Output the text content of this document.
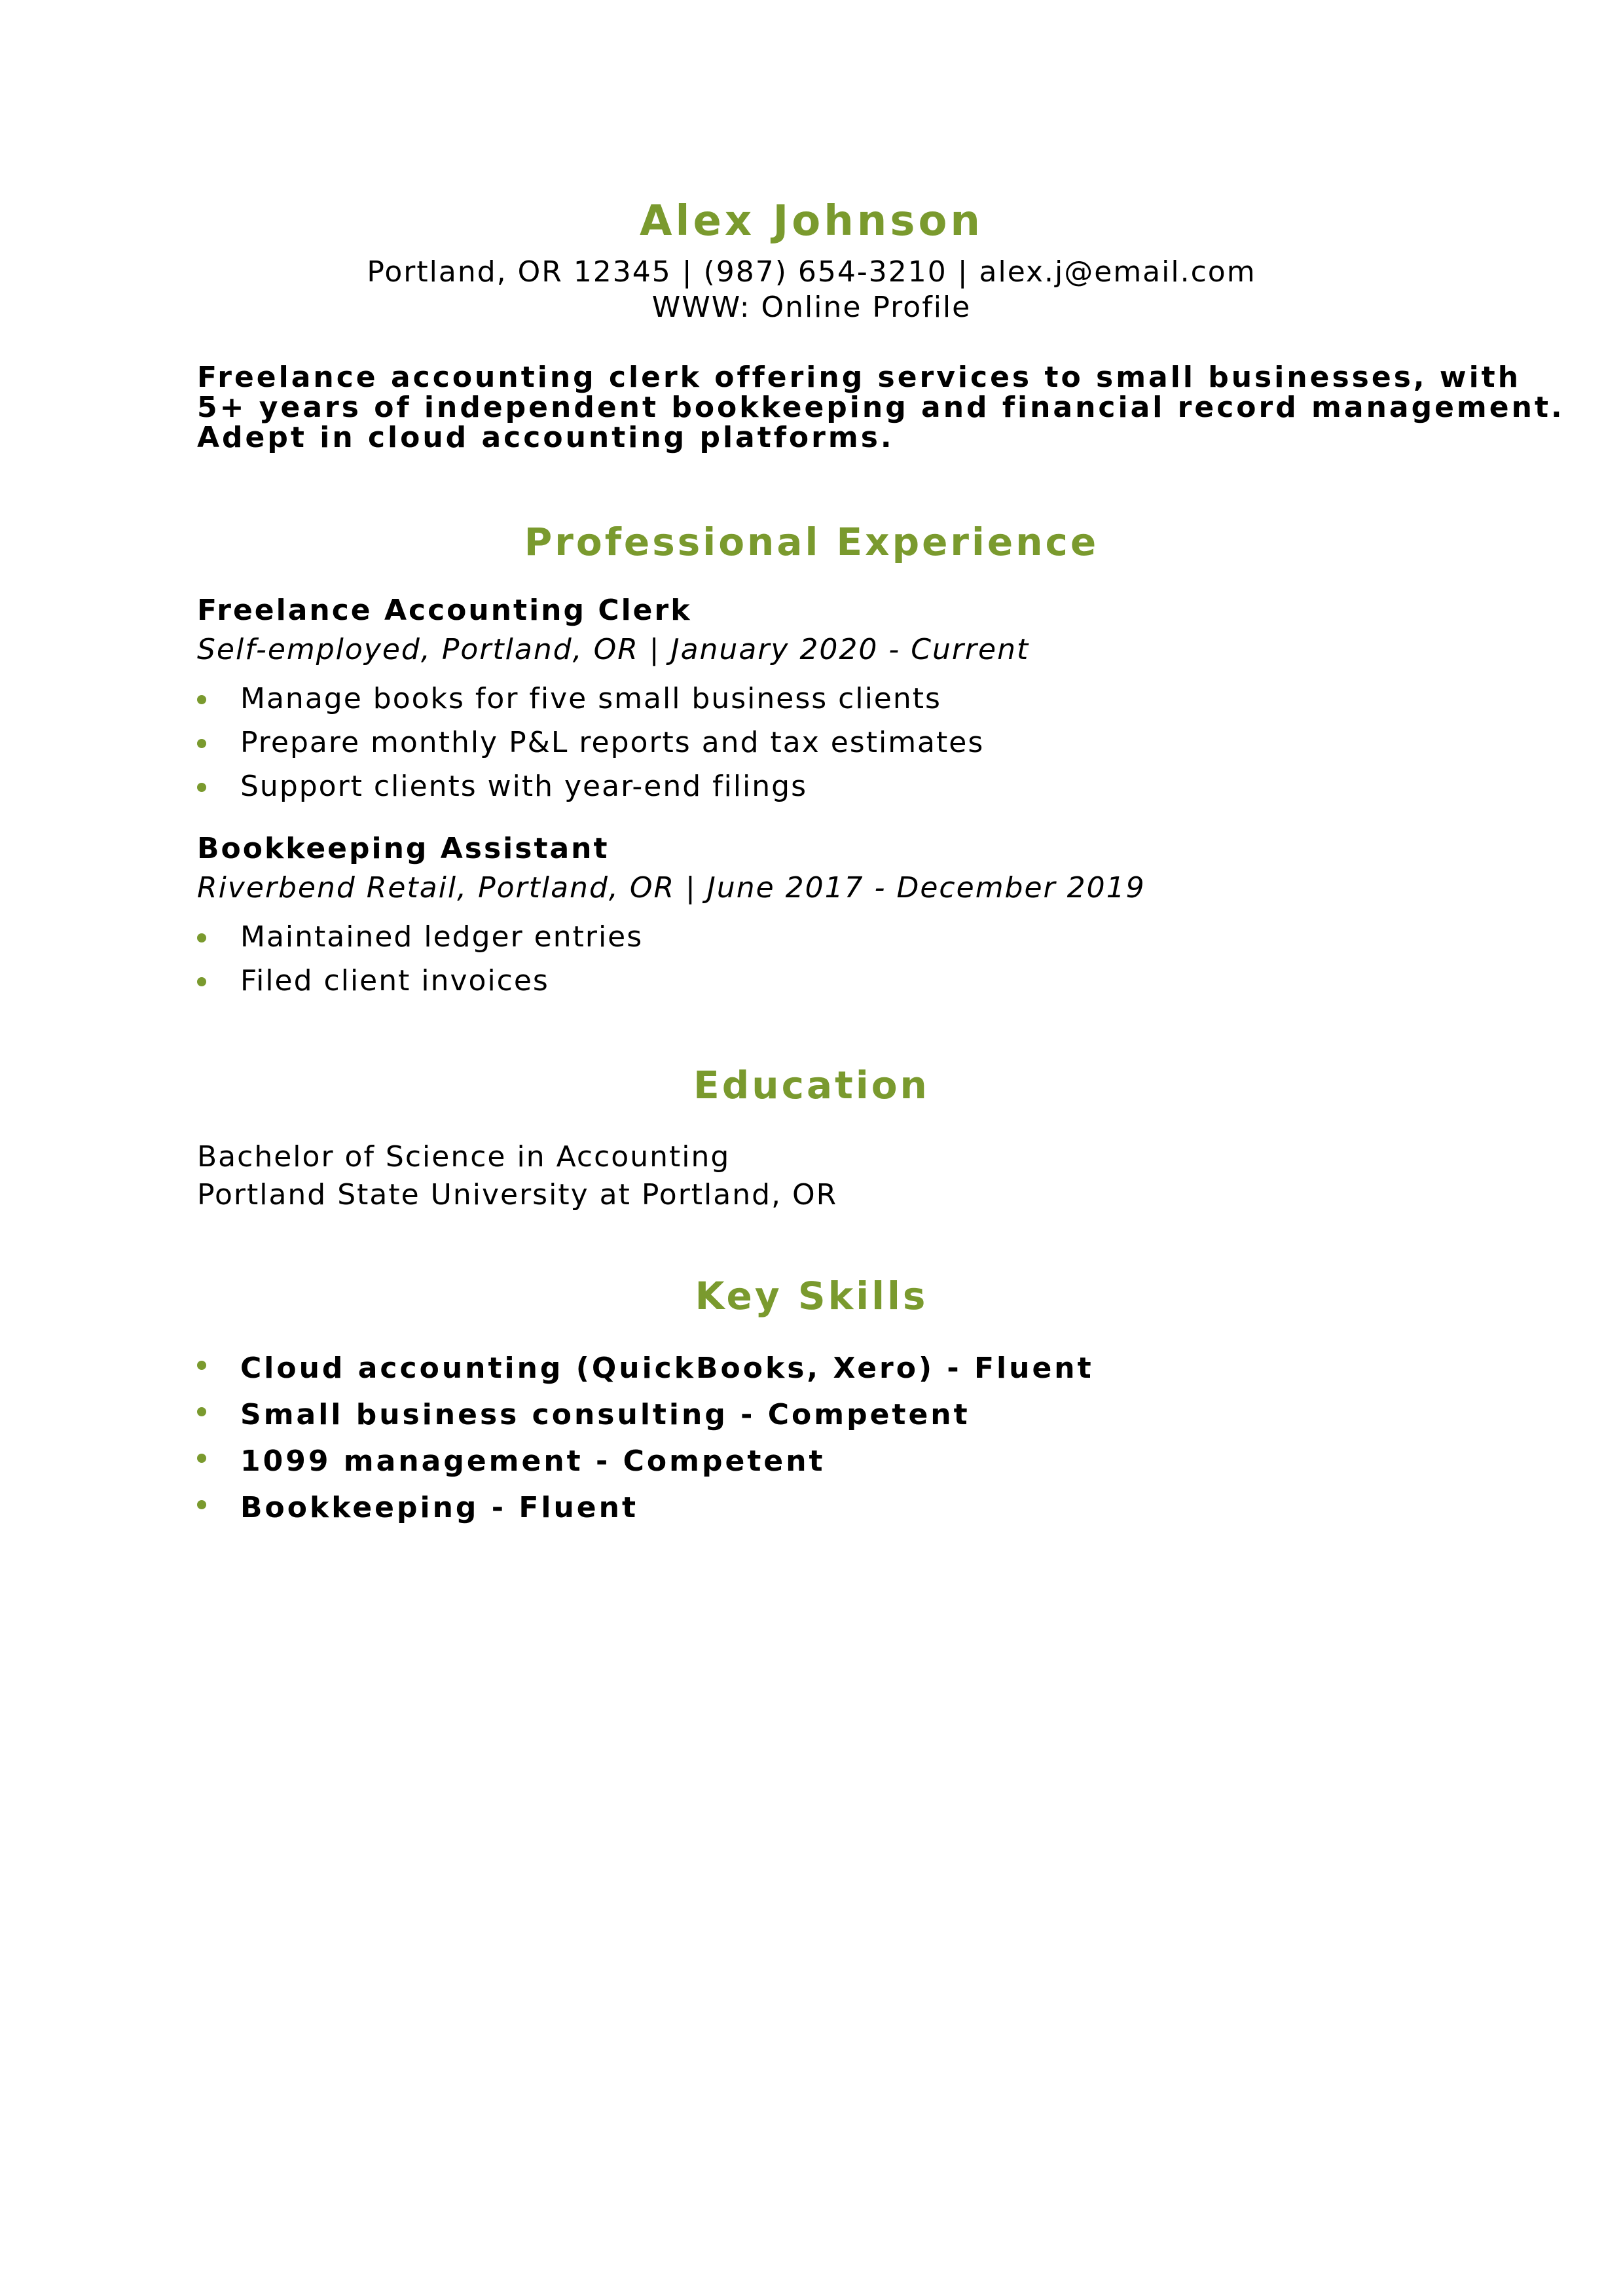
Alex Johnson
Portland, OR 12345 | (987) 654-3210 | alex.j@email.com
WWW: Online Profile
Freelance accounting clerk offering services to small businesses, with
5+ years of independent bookkeeping and financial record management.
Adept in cloud accounting platforms.
Professional Experience
Freelance Accounting Clerk
Self-employed, Portland, OR | January 2020 - Current
Manage books for five small business clients
Prepare monthly P&L reports and tax estimates
Support clients with year-end filings
Bookkeeping Assistant
Riverbend Retail, Portland, OR | June 2017 - December 2019
Maintained ledger entries
Filed client invoices
Education
Bachelor of Science in Accounting
Portland State University at Portland, OR
Key Skills
Cloud accounting (QuickBooks, Xero) - Fluent
Small business consulting - Competent
1099 management - Competent
Bookkeeping - Fluent
